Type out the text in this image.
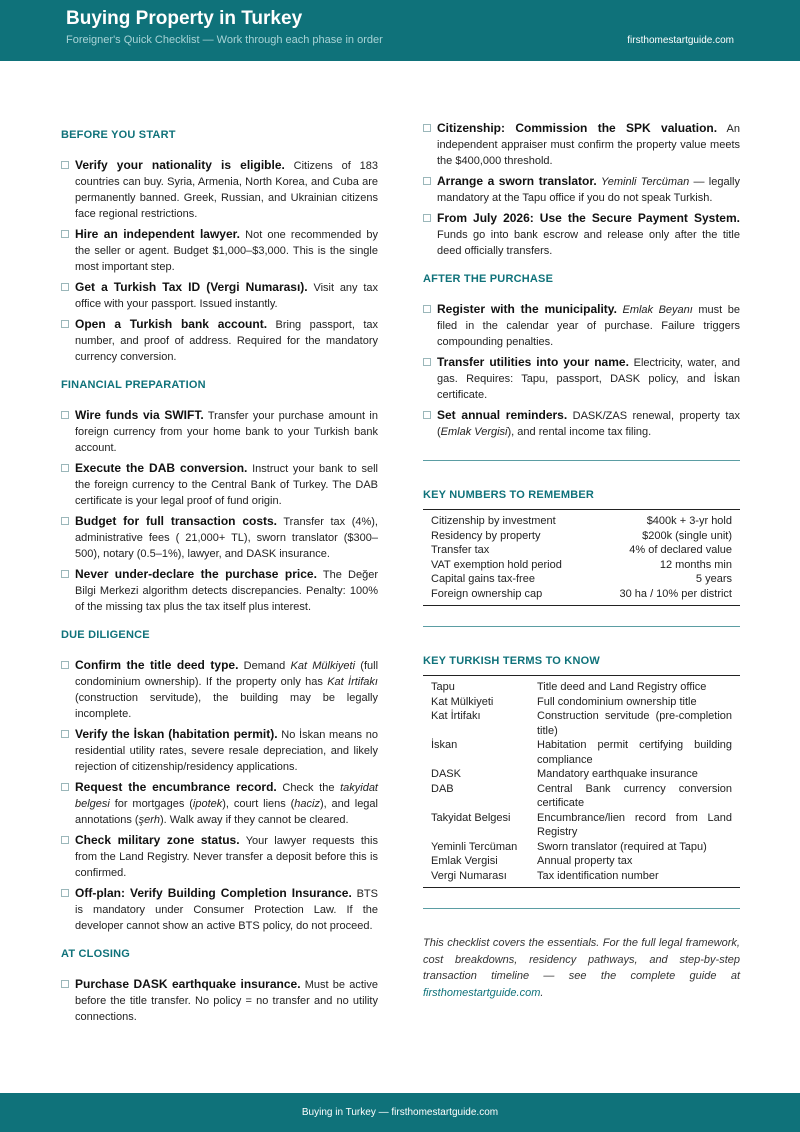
Buying Property in Turkey
Foreigner's Quick Checklist — Work through each phase in order	firsthomestartguide.com
BEFORE YOU START
Verify your nationality is eligible. Citizens of 183 countries can buy. Syria, Armenia, North Korea, and Cuba are permanently banned. Greek, Russian, and Ukrainian citizens face regional restrictions.
Hire an independent lawyer. Not one recommended by the seller or agent. Budget $1,000–$3,000. This is the single most important step.
Get a Turkish Tax ID (Vergi Numarası). Visit any tax office with your passport. Issued instantly.
Open a Turkish bank account. Bring passport, tax number, and proof of address. Required for the mandatory currency conversion.
FINANCIAL PREPARATION
Wire funds via SWIFT. Transfer your purchase amount in foreign currency from your home bank to your Turkish bank account.
Execute the DAB conversion. Instruct your bank to sell the foreign currency to the Central Bank of Turkey. The DAB certificate is your legal proof of fund origin.
Budget for full transaction costs. Transfer tax (4%), administrative fees ( 21,000+ TL), sworn translator ($300–500), notary (0.5–1%), lawyer, and DASK insurance.
Never under-declare the purchase price. The Değer Bilgi Merkezi algorithm detects discrepancies. Penalty: 100% of the missing tax plus the tax itself plus interest.
DUE DILIGENCE
Confirm the title deed type. Demand Kat Mülkiyeti (full condominium ownership). If the property only has Kat İrtifakı (construction servitude), the building may be legally incomplete.
Verify the İskan (habitation permit). No İskan means no residential utility rates, severe resale depreciation, and likely rejection of citizenship/residency applications.
Request the encumbrance record. Check the takyidat belgesi for mortgages (ipotek), court liens (haciz), and legal annotations (şerh). Walk away if they cannot be cleared.
Check military zone status. Your lawyer requests this from the Land Registry. Never transfer a deposit before this is confirmed.
Off-plan: Verify Building Completion Insurance. BTS is mandatory under Consumer Protection Law. If the developer cannot show an active BTS policy, do not proceed.
AT CLOSING
Purchase DASK earthquake insurance. Must be active before the title transfer. No policy = no transfer and no utility connections.
Citizenship: Commission the SPK valuation. An independent appraiser must confirm the property value meets the $400,000 threshold.
Arrange a sworn translator. Yeminli Tercüman — legally mandatory at the Tapu office if you do not speak Turkish.
From July 2026: Use the Secure Payment System. Funds go into bank escrow and release only after the title deed officially transfers.
AFTER THE PURCHASE
Register with the municipality. Emlak Beyanı must be filed in the calendar year of purchase. Failure triggers compounding penalties.
Transfer utilities into your name. Electricity, water, and gas. Requires: Tapu, passport, DASK policy, and İskan certificate.
Set annual reminders. DASK/ZAS renewal, property tax (Emlak Vergisi), and rental income tax filing.
KEY NUMBERS TO REMEMBER
Citizenship by investment	$400k + 3-yr hold
Residency by property	$200k (single unit)
Transfer tax	4% of declared value
VAT exemption hold period	12 months min
Capital gains tax-free	5 years
Foreign ownership cap	30 ha / 10% per district
KEY TURKISH TERMS TO KNOW
Tapu	Title deed and Land Registry office
Kat Mülkiyeti	Full condominium ownership title
Kat İrtifakı	Construction servitude (pre-completion title)
İskan	Habitation permit certifying building compliance
DASK	Mandatory earthquake insurance
DAB	Central Bank currency conversion certificate
Takyidat Belgesi	Encumbrance/lien record from Land Registry
Yeminli Tercüman	Sworn translator (required at Tapu)
Emlak Vergisi	Annual property tax
Vergi Numarası	Tax identification number
This checklist covers the essentials. For the full legal framework, cost breakdowns, residency pathways, and step-by-step transaction timeline — see the complete guide at firsthomestartguide.com.
Buying in Turkey — firsthomestartguide.com
